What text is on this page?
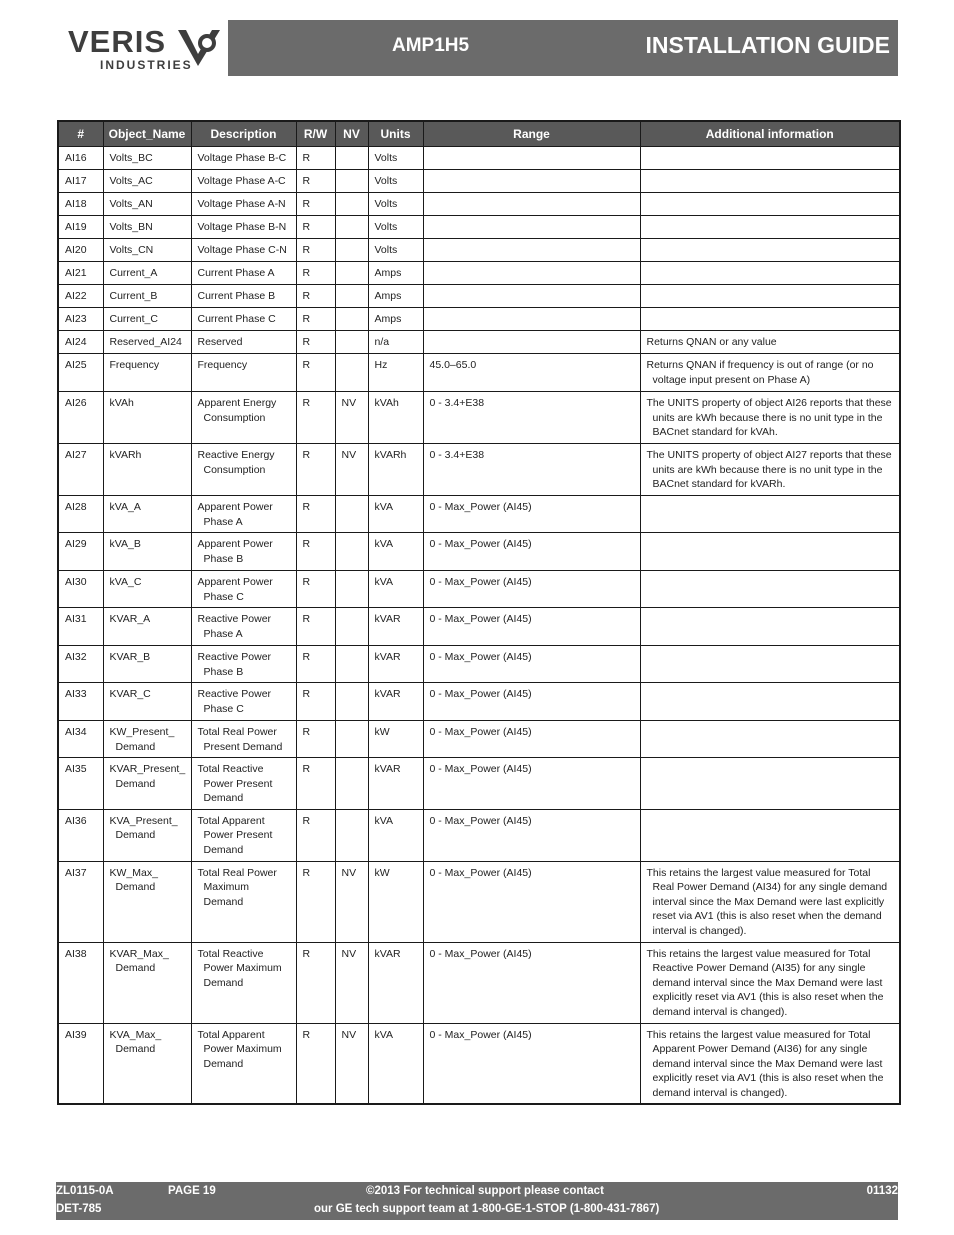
VERIS
INDUSTRIES
AMP1H5	INSTALLATION GUIDE
#	Object_Name	Description	R/W	NV	Units	Range	Additional information
AI16	Volts_BC	Voltage Phase B-C	R		Volts		
AI17	Volts_AC	Voltage Phase A-C	R		Volts		
AI18	Volts_AN	Voltage Phase A-N	R		Volts		
AI19	Volts_BN	Voltage Phase B-N	R		Volts		
AI20	Volts_CN	Voltage Phase C-N	R		Volts		
AI21	Current_A	Current Phase A	R		Amps		
AI22	Current_B	Current Phase B	R		Amps		
AI23	Current_C	Current Phase C	R		Amps		
AI24	Reserved_AI24	Reserved	R		n/a		Returns QNAN or any value
AI25	Frequency	Frequency	R		Hz	45.0–65.0	Returns QNAN if frequency is out of range (or no voltage input present on Phase A)
AI26	kVAh	Apparent Energy Consumption	R	NV	kVAh	0 - 3.4+E38	The UNITS property of object AI26 reports that these units are kWh because there is no unit type in the BACnet standard for kVAh.
AI27	kVARh	Reactive Energy Consumption	R	NV	kVARh	0 - 3.4+E38	The UNITS property of object AI27 reports that these units are kWh because there is no unit type in the BACnet standard for kVARh.
AI28	kVA_A	Apparent Power Phase A	R		kVA	0 - Max_Power (AI45)	
AI29	kVA_B	Apparent Power Phase B	R		kVA	0 - Max_Power (AI45)	
AI30	kVA_C	Apparent Power Phase C	R		kVA	0 - Max_Power (AI45)	
AI31	KVAR_A	Reactive Power Phase A	R		kVAR	0 - Max_Power (AI45)	
AI32	KVAR_B	Reactive Power Phase B	R		kVAR	0 - Max_Power (AI45)	
AI33	KVAR_C	Reactive Power Phase C	R		kVAR	0 - Max_Power (AI45)	
AI34	KW_Present_ Demand	Total Real Power Present Demand	R		kW	0 - Max_Power (AI45)	
AI35	KVAR_Present_ Demand	Total Reactive Power Present Demand	R		kVAR	0 - Max_Power (AI45)	
AI36	KVA_Present_ Demand	Total Apparent Power Present Demand	R		kVA	0 - Max_Power (AI45)	
AI37	KW_Max_ Demand	Total Real Power Maximum Demand	R	NV	kW	0 - Max_Power (AI45)	This retains the largest value measured for Total Real Power Demand (AI34) for any single demand interval since the Max Demand were last explicitly reset via AV1 (this is also reset when the demand interval is changed).
AI38	KVAR_Max_ Demand	Total Reactive Power Maximum Demand	R	NV	kVAR	0 - Max_Power (AI45)	This retains the largest value measured for Total Reactive Power Demand (AI35) for any single demand interval since the Max Demand were last explicitly reset via AV1 (this is also reset when the demand interval is changed).
AI39	KVA_Max_ Demand	Total Apparent Power Maximum Demand	R	NV	kVA	0 - Max_Power (AI45)	This retains the largest value measured for Total Apparent Power Demand (AI36) for any single demand interval since the Max Demand were last explicitly reset via AV1 (this is also reset when the demand interval is changed).
ZL0115-0A	PAGE 19	©2013 For technical support please contact	01132
DET-785	our GE tech support team at 1-800-GE-1-STOP (1-800-431-7867)
